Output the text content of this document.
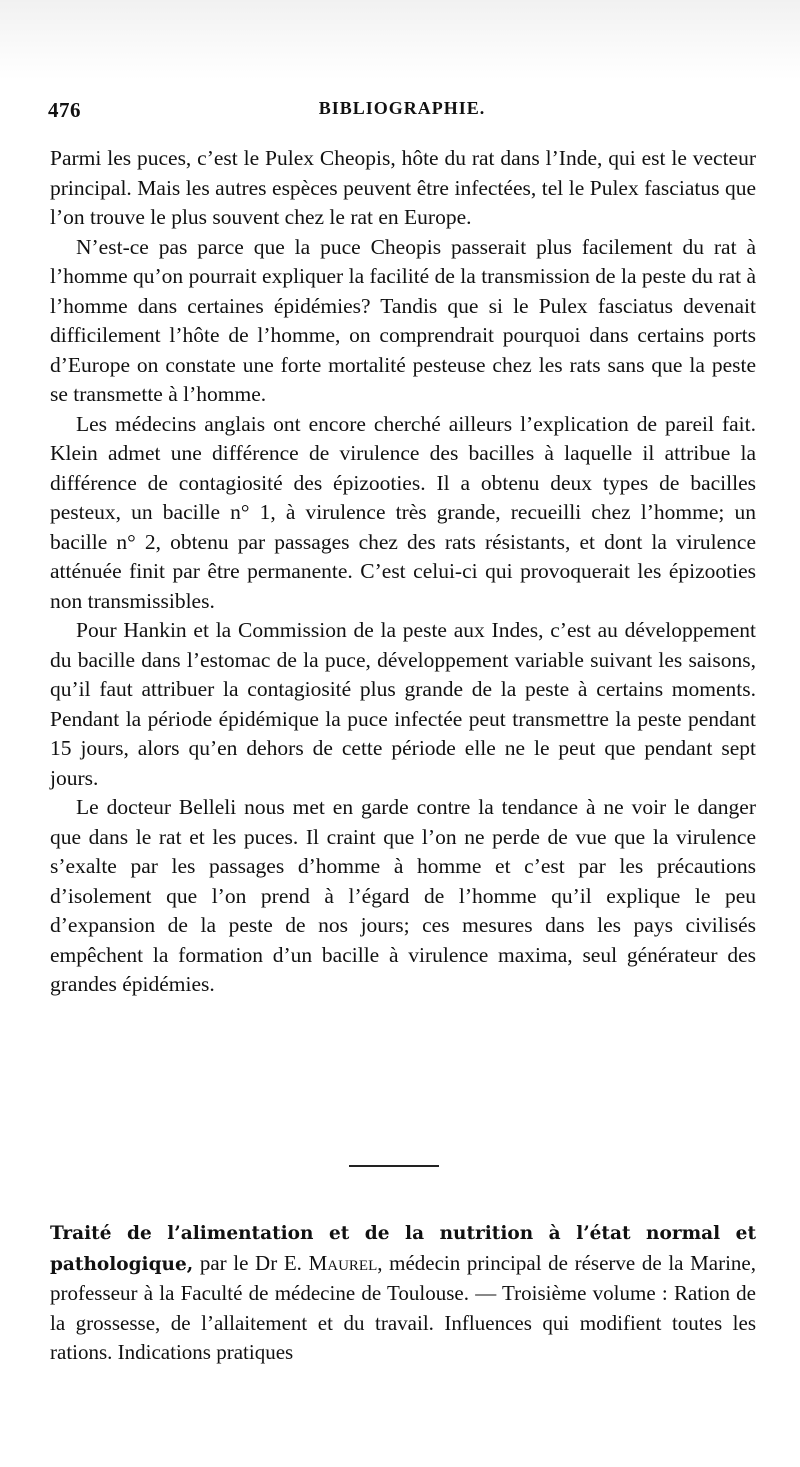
476	BIBLIOGRAPHIE.

Parmi les puces, c’est le Pulex Cheopis, hôte du rat dans l’Inde, qui est le vecteur principal. Mais les autres espèces peuvent être infectées, tel le Pulex fasciatus que l’on trouve le plus souvent chez le rat en Europe.

N’est-ce pas parce que la puce Cheopis passerait plus facilement du rat à l’homme qu’on pourrait expliquer la facilité de la transmission de la peste du rat à l’homme dans certaines épidémies? Tandis que si le Pulex fasciatus devenait difficilement l’hôte de l’homme, on comprendrait pourquoi dans certains ports d’Europe on constate une forte mortalité pesteuse chez les rats sans que la peste se transmette à l’homme.

Les médecins anglais ont encore cherché ailleurs l’explication de pareil fait. Klein admet une différence de virulence des bacilles à laquelle il attribue la différence de contagiosité des épizooties. Il a obtenu deux types de bacilles pesteux, un bacille n° 1, à virulence très grande, recueilli chez l’homme; un bacille n° 2, obtenu par passages chez des rats résistants, et dont la virulence atténuée finit par être permanente. C’est celui-ci qui provoquerait les épizooties non transmissibles.

Pour Hankin et la Commission de la peste aux Indes, c’est au développement du bacille dans l’estomac de la puce, développement variable suivant les saisons, qu’il faut attribuer la contagiosité plus grande de la peste à certains moments. Pendant la période épidémique la puce infectée peut transmettre la peste pendant 15 jours, alors qu’en dehors de cette période elle ne le peut que pendant sept jours.

Le docteur Belleli nous met en garde contre la tendance à ne voir le danger que dans le rat et les puces. Il craint que l’on ne perde de vue que la virulence s’exalte par les passages d’homme à homme et c’est par les précautions d’isolement que l’on prend à l’égard de l’homme qu’il explique le peu d’expansion de la peste de nos jours; ces mesures dans les pays civilisés empêchent la formation d’un bacille à virulence maxima, seul générateur des grandes épidémies.

Traité de l’alimentation et de la nutrition à l’état normal et pathologique, par le Dr E. Maurel, médecin principal de réserve de la Marine, professeur à la Faculté de médecine de Toulouse. — Troisième volume : Ration de la grossesse, de l’allaitement et du travail. Influences qui modifient toutes les rations. Indications pratiques
